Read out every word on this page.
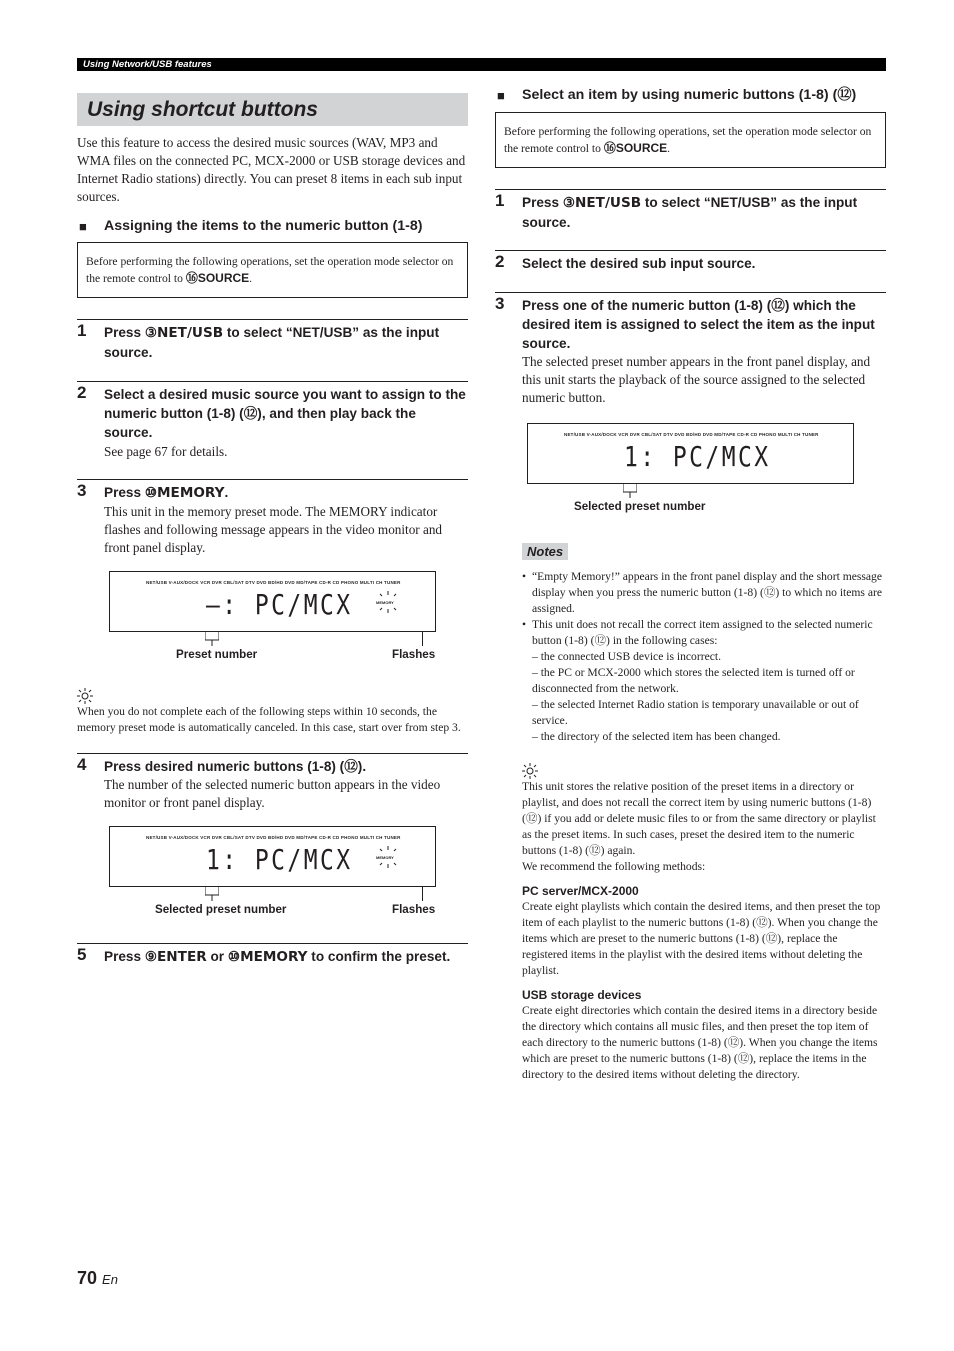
Using Network/USB features
Using shortcut buttons

Use this feature to access the desired music sources (WAV, MP3 and WMA files on the connected PC, MCX-2000 or USB storage devices and Internet Radio stations) directly. You can preset 8 items in each sub input sources.

■ Assigning the items to the numeric button (1-8)
Before performing the following operations, set the operation mode selector on the remote control to ⑯SOURCE.
1 Press ③NET/USB to select “NET/USB” as the input source.
2 Select a desired music source you want to assign to the numeric button (1-8) (⑫), and then play back the source.
See page 67 for details.
3 Press ⑩MEMORY.
This unit in the memory preset mode. The MEMORY indicator flashes and following message appears in the video monitor and front panel display.
NET/USB V-AUX/DOCK VCR DVR CBL/SAT DTV DVD BD/HD DVD MD/TAPE CD-R CD PHONO MULTI CH TUNER
–: PC/MCX	MEMORY
Preset number	Flashes

When you do not complete each of the following steps within 10 seconds, the memory preset mode is automatically canceled. In this case, start over from step 3.

4 Press desired numeric buttons (1-8) (⑫).
The number of the selected numeric button appears in the video monitor or front panel display.
NET/USB V-AUX/DOCK VCR DVR CBL/SAT DTV DVD BD/HD DVD MD/TAPE CD-R CD PHONO MULTI CH TUNER
1: PC/MCX	MEMORY
Selected preset number	Flashes
5 Press ⑨ENTER or ⑩MEMORY to confirm the preset.
■ Select an item by using numeric buttons (1-8) (⑫)
Before performing the following operations, set the operation mode selector on the remote control to ⑯SOURCE.
1 Press ③NET/USB to select “NET/USB” as the input source.
2 Select the desired sub input source.
3 Press one of the numeric button (1-8) (⑫) which the desired item is assigned to select the item as the input source.
The selected preset number appears in the front panel display, and this unit starts the playback of the source assigned to the selected numeric button.
NET/USB V-AUX/DOCK VCR DVR CBL/SAT DTV DVD BD/HD DVD MD/TAPE CD-R CD PHONO MULTI CH TUNER
1: PC/MCX
Selected preset number
Notes
• “Empty Memory!” appears in the front panel display and the short message display when you press the numeric button (1-8) (⑫) to which no items are assigned.
• This unit does not recall the correct item assigned to the selected numeric button (1-8) (⑫) in the following cases:
– the connected USB device is incorrect.
– the PC or MCX-2000 which stores the selected item is turned off or disconnected from the network.
– the selected Internet Radio station is temporary unavailable or out of service.
– the directory of the selected item has been changed.

This unit stores the relative position of the preset items in a directory or playlist, and does not recall the correct item by using numeric buttons (1-8) (⑫) if you add or delete music files to or from the same directory or playlist as the preset items. In such cases, preset the desired item to the numeric buttons (1-8) (⑫) again.

We recommend the following methods:

PC server/MCX-2000

Create eight playlists which contain the desired items, and then preset the top item of each playlist to the numeric buttons (1-8) (⑫). When you change the items which are preset to the numeric buttons (1-8) (⑫), replace the registered items in the playlist with the desired items without deleting the playlist.

USB storage devices

Create eight directories which contain the desired items in a directory beside the directory which contains all music files, and then preset the top item of each directory to the numeric buttons (1-8) (⑫). When you change the items which are preset to the numeric buttons (1-8) (⑫), replace the items in the directory to the desired items without deleting the directory.

70 En
